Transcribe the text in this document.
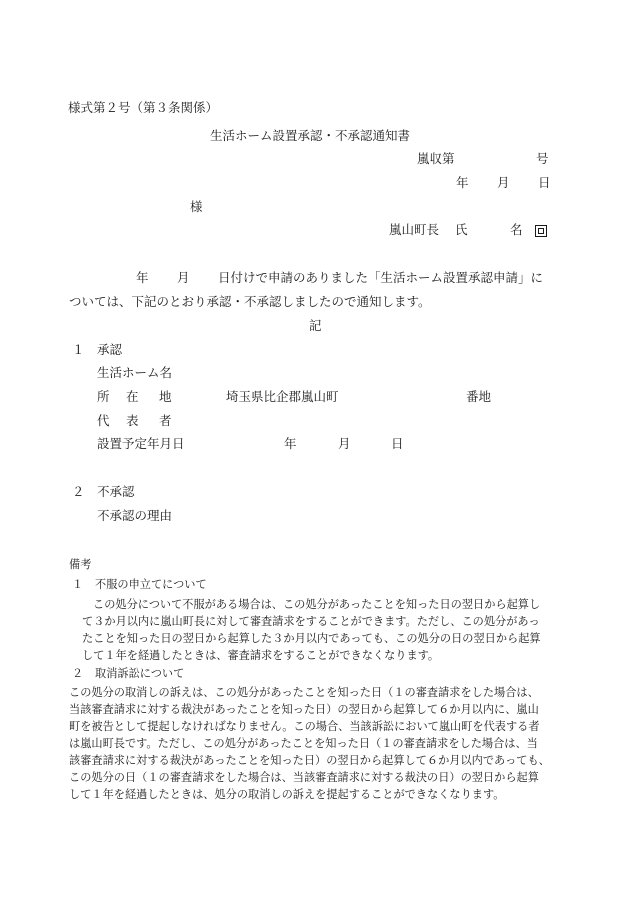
様式第２号（第３条関係）
生活ホーム設置承認・不承認通知書
嵐収第	号
年 月 日
様
嵐山町長 氏	名
年 月 日付けで申請のありました「生活ホーム設置承認申請」に
ついては、下記のとおり承認・不承認しましたので通知します。
記
１ 承認
生活ホーム名
所 在 地	埼玉県比企郡嵐山町	番地
代 表 者
設置予定年月日	年	月	日
２ 不承認
不承認の理由
備考
１ 不服の申立てについて
この処分について不服がある場合は、この処分があったことを知った日の翌日から起算し
て３か月以内に嵐山町長に対して審査請求をすることができます。ただし、この処分があっ
たことを知った日の翌日から起算した３か月以内であっても、この処分の日の翌日から起算
して１年を経過したときは、審査請求をすることができなくなります。
２ 取消訴訟について
この処分の取消しの訴えは、この処分があったことを知った日（１の審査請求をした場合は、
当該審査請求に対する裁決があったことを知った日）の翌日から起算して６か月以内に、嵐山
町を被告として提起しなければなりません。この場合、当該訴訟において嵐山町を代表する者
は嵐山町長です。ただし、この処分があったことを知った日（１の審査請求をした場合は、当
該審査請求に対する裁決があったことを知った日）の翌日から起算して６か月以内であっても、
この処分の日（１の審査請求をした場合は、当該審査請求に対する裁決の日）の翌日から起算
して１年を経過したときは、処分の取消しの訴えを提起することができなくなります。
